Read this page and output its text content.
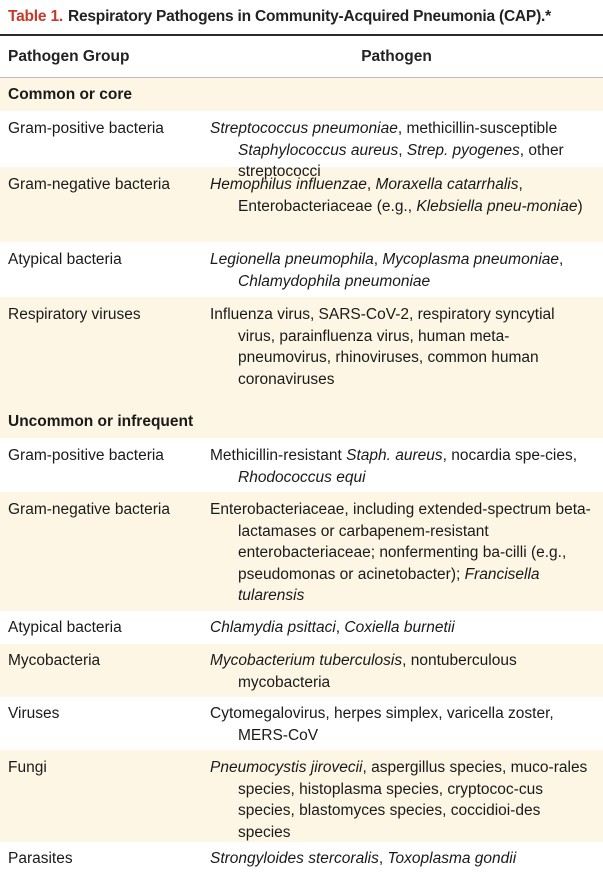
Table 1. Respiratory Pathogens in Community-Acquired Pneumonia (CAP).*
Pathogen Group	Pathogen
Common or core
Gram-positive bacteria	Streptococcus pneumoniae, methicillin-susceptible Staphylococcus aureus, Strep. pyogenes, other streptococci
Gram-negative bacteria	Hemophilus influenzae, Moraxella catarrhalis, Enterobacteriaceae (e.g., Klebsiella pneu-moniae)
Atypical bacteria	Legionella pneumophila, Mycoplasma pneumoniae, Chlamydophila pneumoniae
Respiratory viruses	Influenza virus, SARS-CoV-2, respiratory syncytial virus, parainfluenza virus, human meta-pneumovirus, rhinoviruses, common human coronaviruses
Uncommon or infrequent
Gram-positive bacteria	Methicillin-resistant Staph. aureus, nocardia spe-cies, Rhodococcus equi
Gram-negative bacteria	Enterobacteriaceae, including extended-spectrum beta-lactamases or carbapenem-resistant enterobacteriaceae; nonfermenting ba-cilli (e.g., pseudomonas or acinetobacter); Francisella tularensis
Atypical bacteria	Chlamydia psittaci, Coxiella burnetii
Mycobacteria	Mycobacterium tuberculosis, nontuberculous mycobacteria
Viruses	Cytomegalovirus, herpes simplex, varicella zoster, MERS-CoV
Fungi	Pneumocystis jirovecii, aspergillus species, muco-rales species, histoplasma species, cryptococ-cus species, blastomyces species, coccidioi-des species
Parasites	Strongyloides stercoralis, Toxoplasma gondii
